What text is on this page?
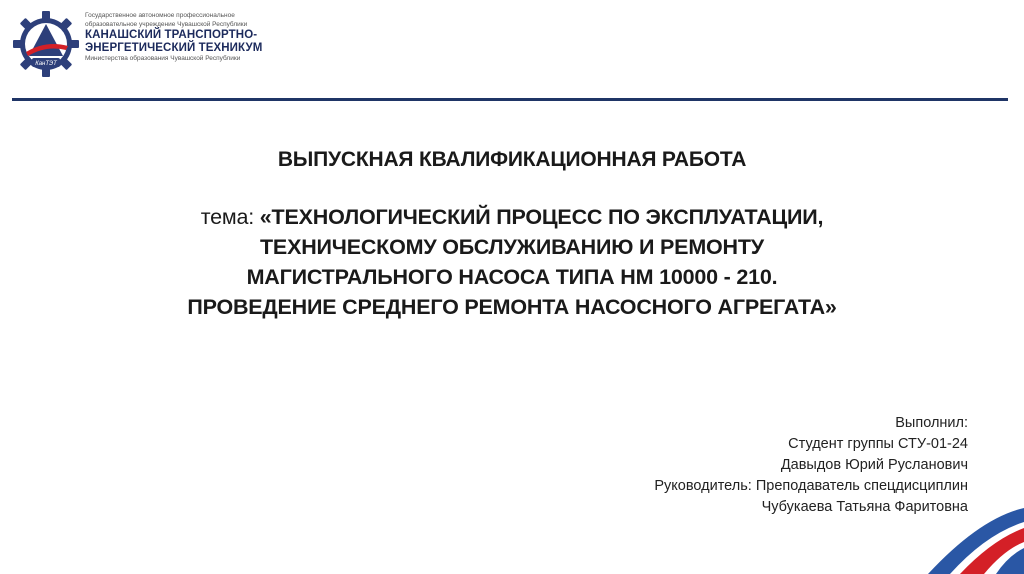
КанТЭТ
Государственное автономное профессиональное
образовательное учреждение Чувашской Республики
КАНАШСКИЙ ТРАНСПОРТНО-
ЭНЕРГЕТИЧЕСКИЙ ТЕХНИКУМ
Министерства образования Чувашской Республики
ВЫПУСКНАЯ КВАЛИФИКАЦИОННАЯ РАБОТА
тема: «ТЕХНОЛОГИЧЕСКИЙ ПРОЦЕСС ПО ЭКСПЛУАТАЦИИ,
ТЕХНИЧЕСКОМУ ОБСЛУЖИВАНИЮ И РЕМОНТУ
МАГИСТРАЛЬНОГО НАСОСА ТИПА НМ 10000 - 210.
ПРОВЕДЕНИЕ СРЕДНЕГО РЕМОНТА НАСОСНОГО АГРЕГАТА»
Выполнил:
Студент группы СТУ-01-24
Давыдов Юрий Русланович
Руководитель: Преподаватель спецдисциплин
Чубукаева Татьяна Фаритовна
